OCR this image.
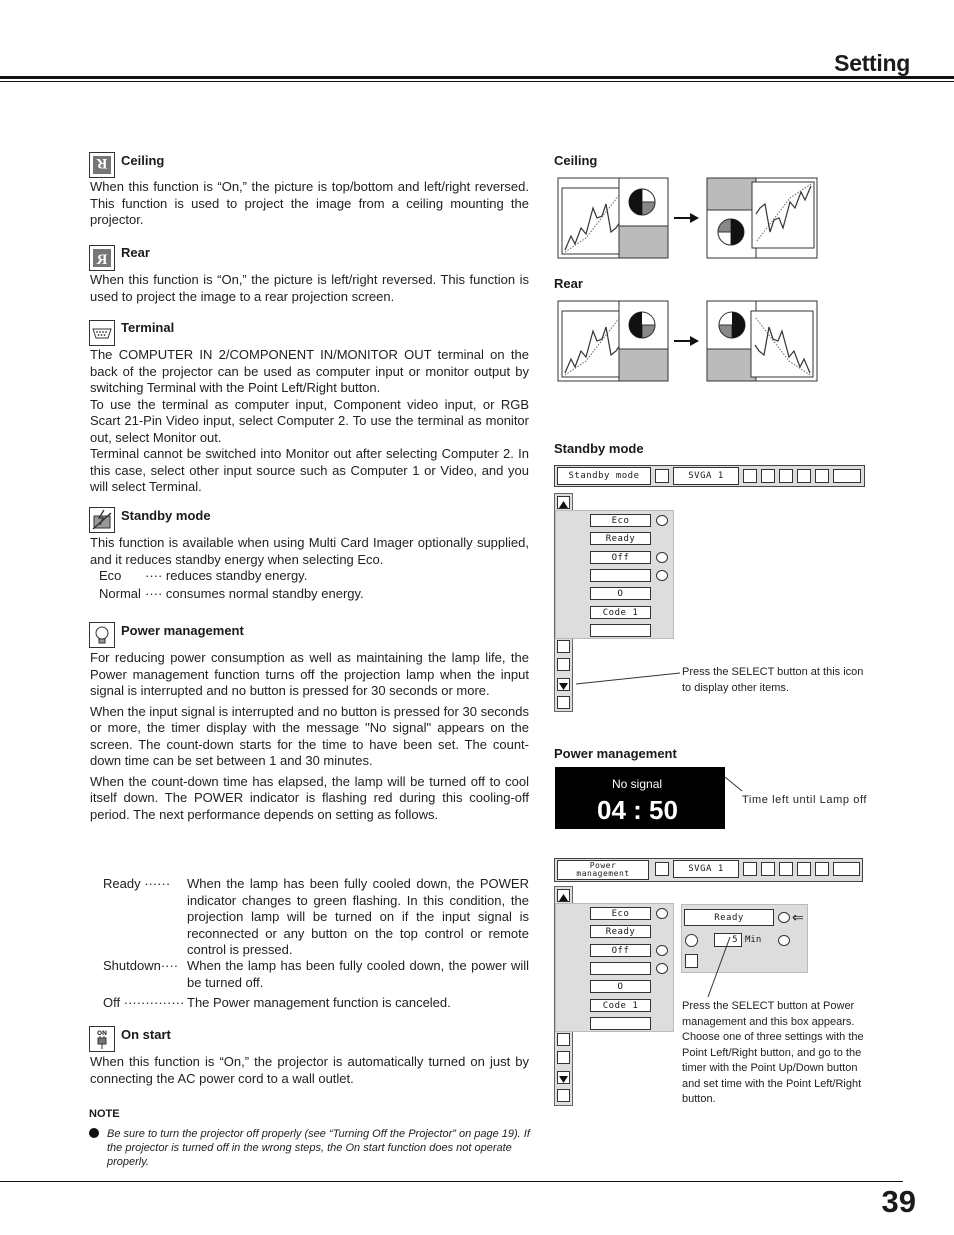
Setting
R Ceiling
When this function is “On,” the picture is top/bottom and left/right reversed. This function is used to project the image from a ceiling mounting the projector.
R Rear
When this function is “On,” the picture is left/right reversed. This function is used to project the image to a rear projection screen.
Terminal

The COMPUTER IN 2/COMPONENT IN/MONITOR OUT terminal on the back of the projector can be used as computer input or monitor output by switching Terminal with the Point Left/Right button.

To use the terminal as computer input, Component video input, or RGB Scart 21-Pin Video input, select Computer 2. To use the terminal as monitor out, select Monitor out.

Terminal cannot be switched into Monitor out after selecting Computer 2. In this case, select other input source such as Computer 1 or Video, and you will select Terminal.

Standby mode
This function is available when using Multi Card Imager optionally supplied, and it reduces standby energy when selecting Eco.
Eco ···· reduces standby energy.
Normal ···· consumes normal standby energy.
Power management

For reducing power consumption as well as maintaining the lamp life, the Power management function turns off the projection lamp when the input signal is interrupted and no button is pressed for 30 seconds or more.

When the input signal is interrupted and no button is pressed for 30 seconds or more, the timer display with the message "No signal" appears on the screen. The count-down starts for the time to have been set. The count-down time can be set between 1 and 30 minutes.

When the count-down time has elapsed, the lamp will be turned off to cool itself down. The POWER indicator is flashing red during this cooling-off period. The next performance depends on setting as follows.

Ready ······ When the lamp has been fully cooled down, the POWER indicator changes to green flashing. In this condition, the projection lamp will be turned on if the input signal is reconnected or any button on the top control or remote control is pressed.
Shutdown···· When the lamp has been fully cooled down, the power will be turned off.
Off ·············· The Power management function is canceled.
ON On start
When this function is “On,” the projector is automatically turned on just by connecting the AC power cord to a wall outlet.
NOTE
Be sure to turn the projector off properly (see “Turning Off the Projector” on page 19). If the projector is turned off in the wrong steps, the On start function does not operate properly.
Ceiling
Rear
Standby mode
Standby mode	SVGA 1
Eco
Ready
Off
O
Code 1
Press the SELECT button at this icon to display other items.
Power management
No signal
04 : 50	Time left until Lamp off
Power
management	SVGA 1
Eco
Ready
Off
O
Code 1
Ready	⇐
5 Min
Press the SELECT button at Power management and this box appears. Choose one of three settings with the Point Left/Right button, and go to the timer with the Point Up/Down button and set time with the Point Left/Right button.
39
